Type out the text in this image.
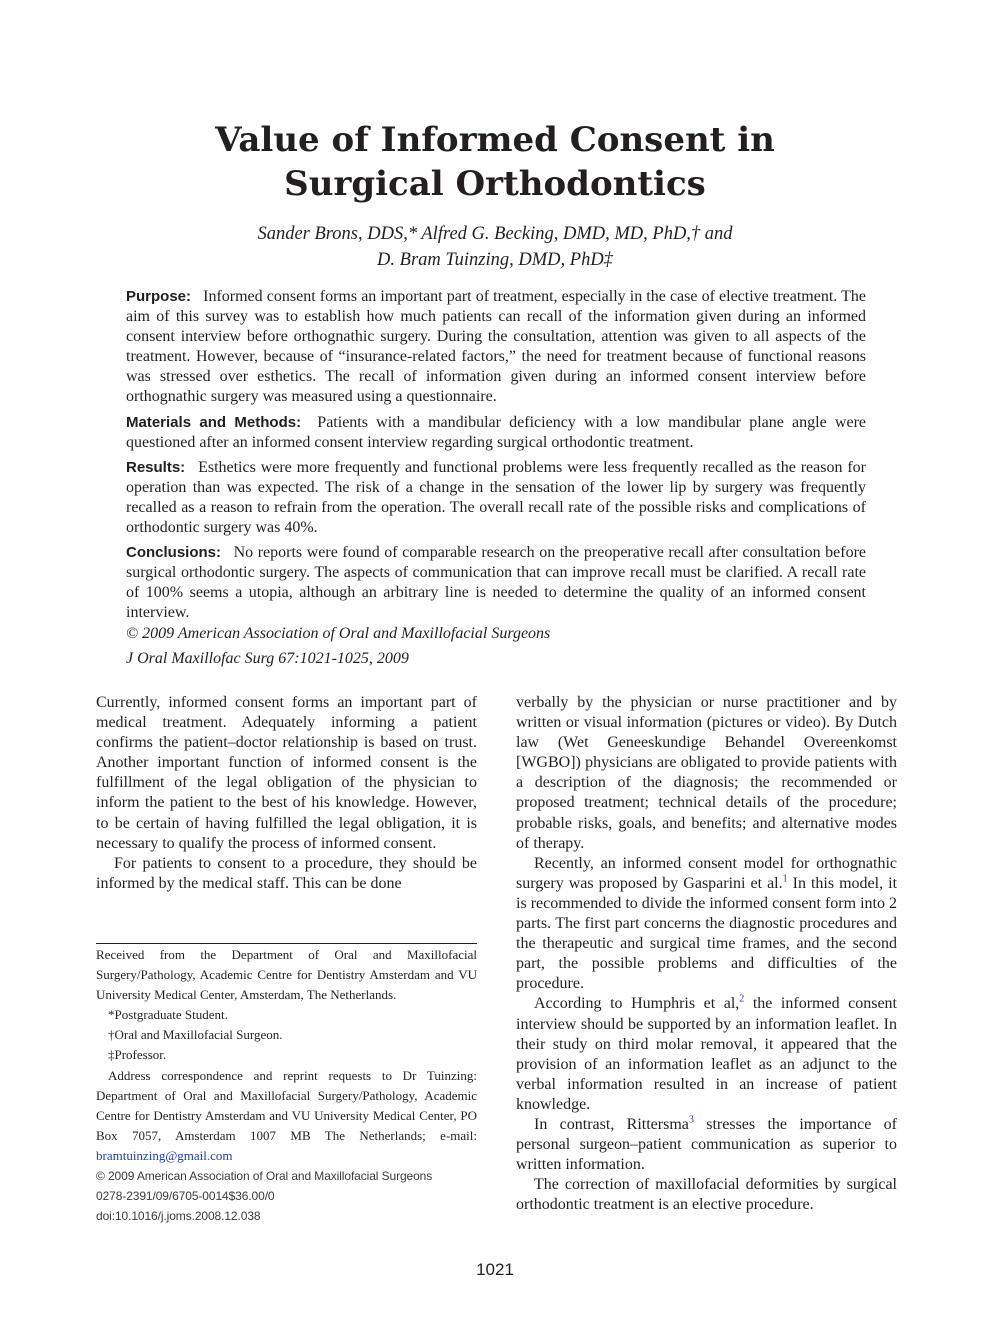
Value of Informed Consent in
Surgical Orthodontics
Sander Brons, DDS,* Alfred G. Becking, DMD, MD, PhD,† and
D. Bram Tuinzing, DMD, PhD‡

Purpose: Informed consent forms an important part of treatment, especially in the case of elective treatment. The aim of this survey was to establish how much patients can recall of the information given during an informed consent interview before orthognathic surgery. During the consultation, attention was given to all aspects of the treatment. However, because of “insurance-related factors,” the need for treatment because of functional reasons was stressed over esthetics. The recall of information given during an informed consent interview before orthognathic surgery was measured using a questionnaire.

Materials and Methods: Patients with a mandibular deficiency with a low mandibular plane angle were questioned after an informed consent interview regarding surgical orthodontic treatment.

Results: Esthetics were more frequently and functional problems were less frequently recalled as the reason for operation than was expected. The risk of a change in the sensation of the lower lip by surgery was frequently recalled as a reason to refrain from the operation. The overall recall rate of the possible risks and complications of orthodontic surgery was 40%.

Conclusions: No reports were found of comparable research on the preoperative recall after consultation before surgical orthodontic surgery. The aspects of communication that can improve recall must be clarified. A recall rate of 100% seems a utopia, although an arbitrary line is needed to determine the quality of an informed consent interview.

© 2009 American Association of Oral and Maxillofacial Surgeons

J Oral Maxillofac Surg 67:1021-1025, 2009

Currently, informed consent forms an important part of medical treatment. Adequately informing a patient confirms the patient–doctor relationship is based on trust. Another important function of informed consent is the fulfillment of the legal obligation of the physician to inform the patient to the best of his knowledge. However, to be certain of having fulfilled the legal obligation, it is necessary to qualify the process of informed consent.

For patients to consent to a procedure, they should be informed by the medical staff. This can be done

verbally by the physician or nurse practitioner and by written or visual information (pictures or video). By Dutch law (Wet Geneeskundige Behandel Overeenkomst [WGBO]) physicians are obligated to provide patients with a description of the diagnosis; the recommended or proposed treatment; technical details of the procedure; probable risks, goals, and benefits; and alternative modes of therapy.

Recently, an informed consent model for orthognathic surgery was proposed by Gasparini et al.$^1$ In this model, it is recommended to divide the informed consent form into 2 parts. The first part concerns the diagnostic procedures and the therapeutic and surgical time frames, and the second part, the possible problems and difficulties of the procedure.

According to Humphris et al,$^2$ the informed consent interview should be supported by an information leaflet. In their study on third molar removal, it appeared that the provision of an information leaflet as an adjunct to the verbal information resulted in an increase of patient knowledge.

In contrast, Rittersma$^3$ stresses the importance of personal surgeon–patient communication as superior to written information.

The correction of maxillofacial deformities by surgical orthodontic treatment is an elective procedure.

Received from the Department of Oral and Maxillofacial Surgery/Pathology, Academic Centre for Dentistry Amsterdam and VU University Medical Center, Amsterdam, The Netherlands.

*Postgraduate Student.

†Oral and Maxillofacial Surgeon.

‡Professor.

Address correspondence and reprint requests to Dr Tuinzing: Department of Oral and Maxillofacial Surgery/Pathology, Academic Centre for Dentistry Amsterdam and VU University Medical Center, PO Box 7057, Amsterdam 1007 MB The Netherlands; e-mail: bramtuinzing@gmail.com

© 2009 American Association of Oral and Maxillofacial Surgeons

0278-2391/09/6705-0014$36.00/0

doi:10.1016/j.joms.2008.12.038

1021
